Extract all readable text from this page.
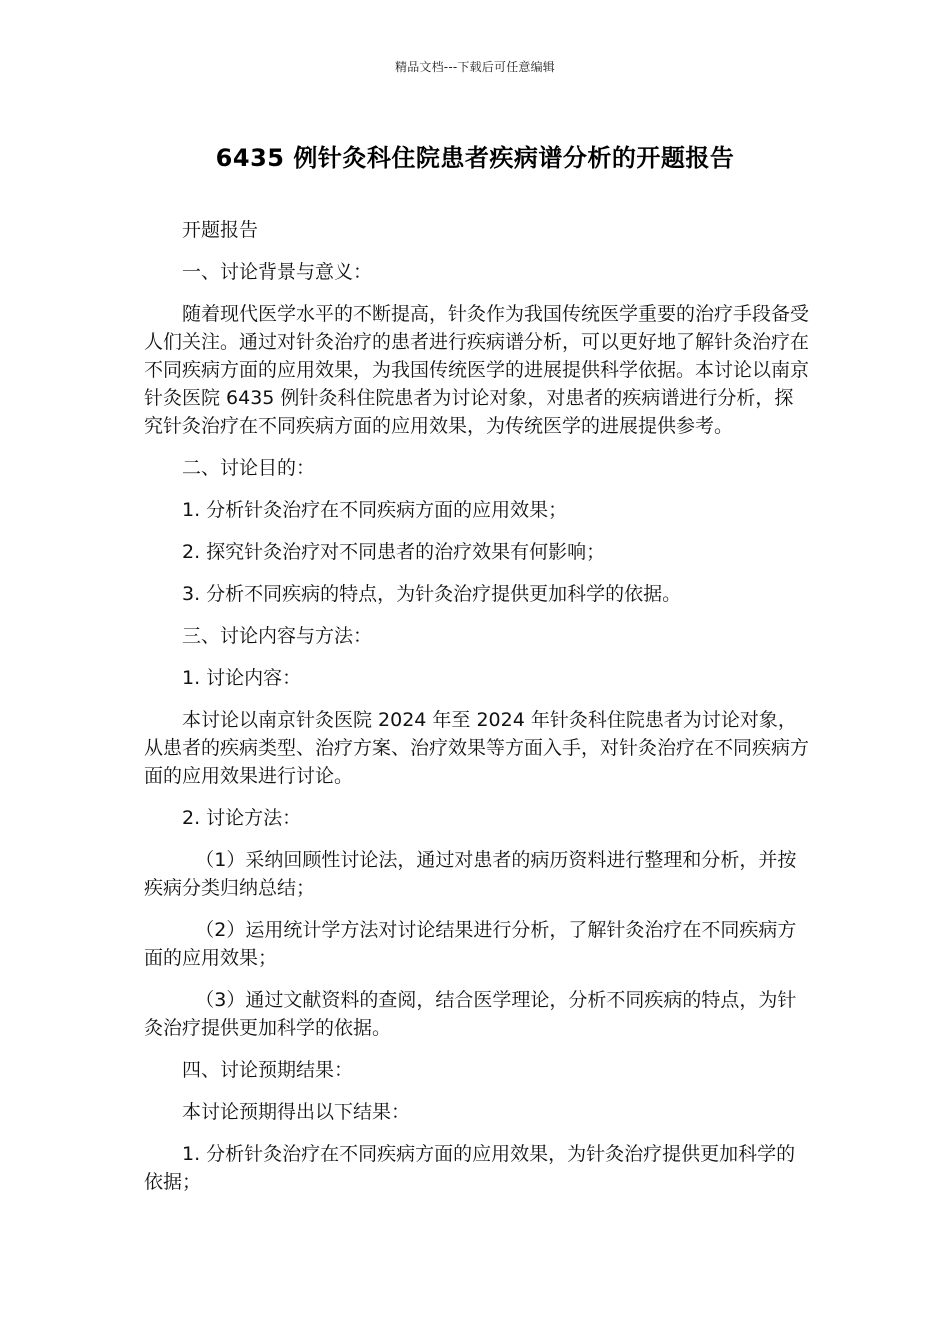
精品文档---下载后可任意编辑
6435 例针灸科住院患者疾病谱分析的开题报告

开题报告

一、讨论背景与意义：

随着现代医学水平的不断提高，针灸作为我国传统医学重要的治疗手段备受人们关注。通过对针灸治疗的患者进行疾病谱分析，可以更好地了解针灸治疗在不同疾病方面的应用效果，为我国传统医学的进展提供科学依据。本讨论以南京针灸医院 6435 例针灸科住院患者为讨论对象，对患者的疾病谱进行分析，探究针灸治疗在不同疾病方面的应用效果，为传统医学的进展提供参考。

二、讨论目的：

1. 分析针灸治疗在不同疾病方面的应用效果；

2. 探究针灸治疗对不同患者的治疗效果有何影响；

3. 分析不同疾病的特点，为针灸治疗提供更加科学的依据。

三、讨论内容与方法：

1. 讨论内容：

本讨论以南京针灸医院 2024 年至 2024 年针灸科住院患者为讨论对象，从患者的疾病类型、治疗方案、治疗效果等方面入手，对针灸治疗在不同疾病方面的应用效果进行讨论。

2. 讨论方法：

（1）采纳回顾性讨论法，通过对患者的病历资料进行整理和分析，并按疾病分类归纳总结；

（2）运用统计学方法对讨论结果进行分析，了解针灸治疗在不同疾病方面的应用效果；

（3）通过文献资料的查阅，结合医学理论，分析不同疾病的特点，为针灸治疗提供更加科学的依据。

四、讨论预期结果：

本讨论预期得出以下结果：

1. 分析针灸治疗在不同疾病方面的应用效果，为针灸治疗提供更加科学的依据；
